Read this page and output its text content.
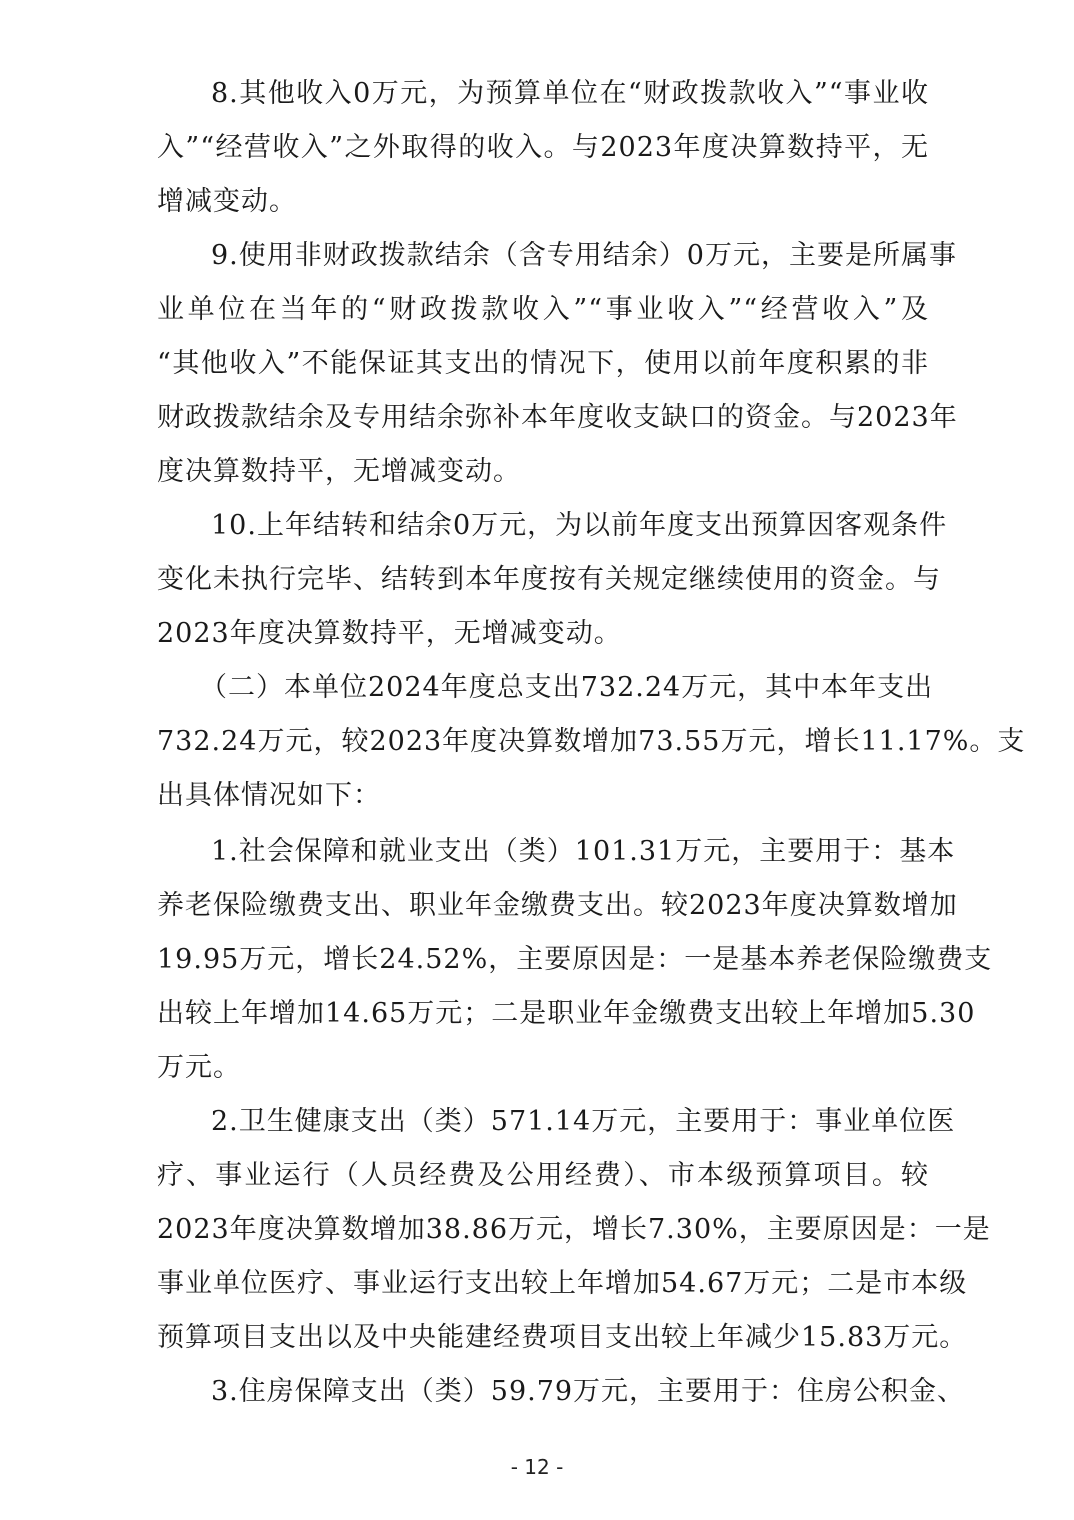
8.其他收入0万元，为预算单位在“财政拨款收入”“事业收
入”“经营收入”之外取得的收入。与2023年度决算数持平，无
增减变动。
9.使用非财政拨款结余（含专用结余）0万元，主要是所属事
业单位在当年的“财政拨款收入”“事业收入”“经营收入”及
“其他收入”不能保证其支出的情况下，使用以前年度积累的非
财政拨款结余及专用结余弥补本年度收支缺口的资金。与2023年
度决算数持平，无增减变动。
10.上年结转和结余0万元，为以前年度支出预算因客观条件
变化未执行完毕、结转到本年度按有关规定继续使用的资金。与
2023年度决算数持平，无增减变动。
（二）本单位2024年度总支出732.24万元，其中本年支出
732.24万元，较2023年度决算数增加73.55万元，增长11.17%。支
出具体情况如下：
1.社会保障和就业支出（类）101.31万元，主要用于：基本
养老保险缴费支出、职业年金缴费支出。较2023年度决算数增加
19.95万元，增长24.52%，主要原因是：一是基本养老保险缴费支
出较上年增加14.65万元；二是职业年金缴费支出较上年增加5.30
万元。
2.卫生健康支出（类）571.14万元，主要用于：事业单位医
疗、事业运行（人员经费及公用经费）、市本级预算项目。较
2023年度决算数增加38.86万元，增长7.30%，主要原因是：一是
事业单位医疗、事业运行支出较上年增加54.67万元；二是市本级
预算项目支出以及中央能建经费项目支出较上年减少15.83万元。
3.住房保障支出（类）59.79万元，主要用于：住房公积金、
- 12 -
